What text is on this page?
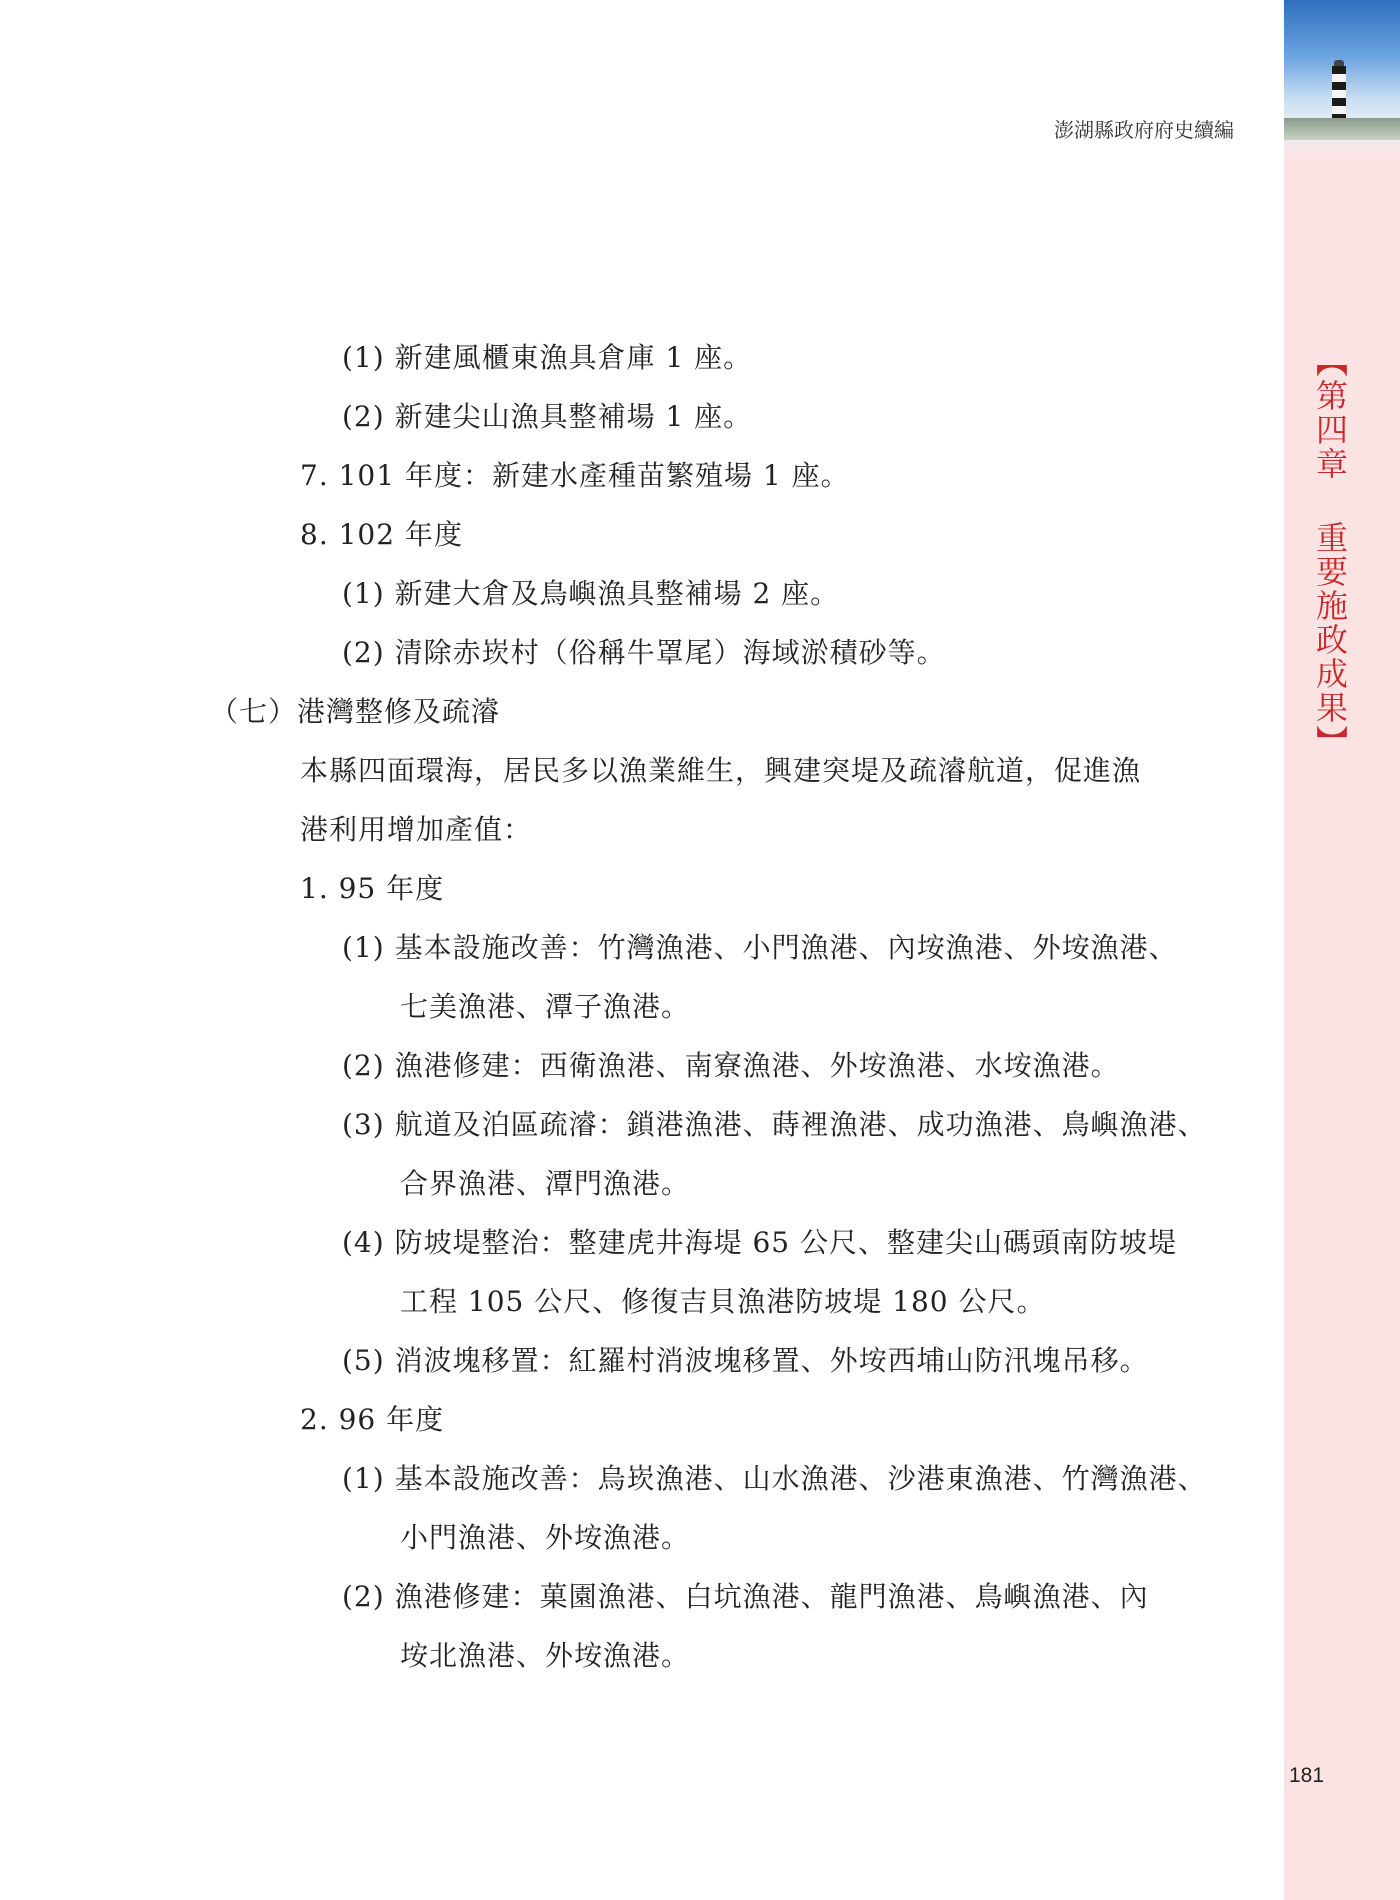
【第四章 重要施政成果】
澎湖縣政府府史續編
(1) 新建風櫃東漁具倉庫 1 座。
(2) 新建尖山漁具整補場 1 座。
7. 101 年度：新建水產種苗繁殖場 1 座。
8. 102 年度
(1) 新建大倉及鳥嶼漁具整補場 2 座。
(2) 清除赤崁村（俗稱牛罩尾）海域淤積砂等。
（七）港灣整修及疏濬
本縣四面環海，居民多以漁業維生，興建突堤及疏濬航道，促進漁
港利用增加產值：
1. 95 年度
(1) 基本設施改善：竹灣漁港、小門漁港、內垵漁港、外垵漁港、
七美漁港、潭子漁港。
(2) 漁港修建：西衛漁港、南寮漁港、外垵漁港、水垵漁港。
(3) 航道及泊區疏濬：鎖港漁港、蒔裡漁港、成功漁港、鳥嶼漁港、
合界漁港、潭門漁港。
(4) 防坡堤整治：整建虎井海堤 65 公尺、整建尖山碼頭南防坡堤
工程 105 公尺、修復吉貝漁港防坡堤 180 公尺。
(5) 消波塊移置：紅羅村消波塊移置、外垵西埔山防汛塊吊移。
2. 96 年度
(1) 基本設施改善：烏崁漁港、山水漁港、沙港東漁港、竹灣漁港、
小門漁港、外垵漁港。
(2) 漁港修建：菓園漁港、白坑漁港、龍門漁港、鳥嶼漁港、內
垵北漁港、外垵漁港。
181
